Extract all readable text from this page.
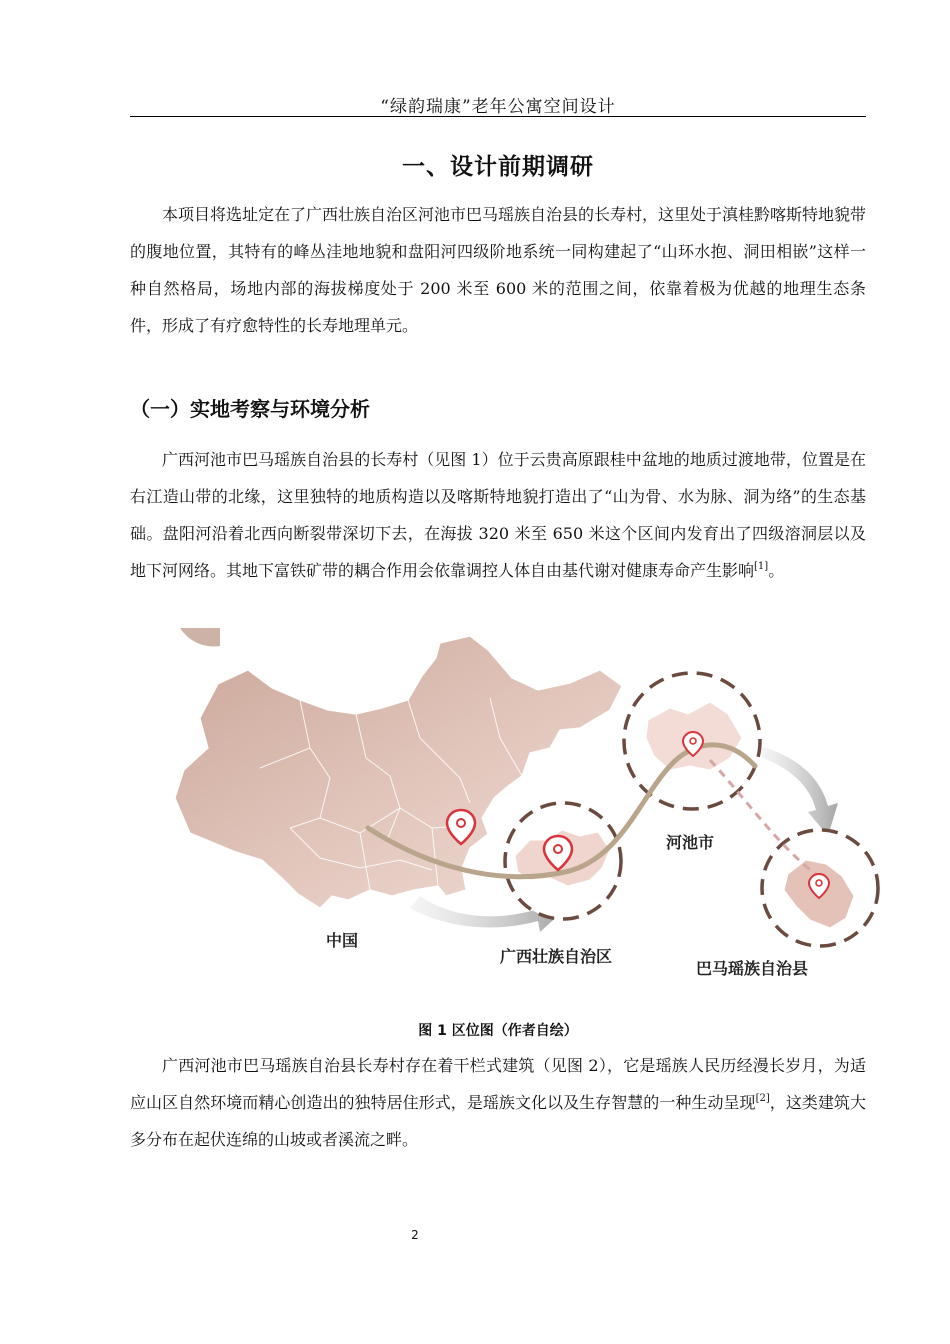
“绿韵瑞康”老年公寓空间设计
一、设计前期调研

本项目将选址定在了广西壮族自治区河池市巴马瑶族自治县的长寿村，这里处于滇桂黔喀斯特地貌带的腹地位置，其特有的峰丛洼地地貌和盘阳河四级阶地系统一同构建起了“山环水抱、洞田相嵌”这样一种自然格局，场地内部的海拔梯度处于 200 米至 600 米的范围之间，依靠着极为优越的地理生态条件，形成了有疗愈特性的长寿地理单元。

（一）实地考察与环境分析

广西河池市巴马瑶族自治县的长寿村（见图 1）位于云贵高原跟桂中盆地的地质过渡地带，位置是在右江造山带的北缘，这里独特的地质构造以及喀斯特地貌打造出了“山为骨、水为脉、洞为络”的生态基础。盘阳河沿着北西向断裂带深切下去，在海拔 320 米至 650 米这个区间内发育出了四级溶洞层以及地下河网络。其地下富铁矿带的耦合作用会依靠调控人体自由基代谢对健康寿命产生影响[1]。

中国
广西壮族自治区
河池市
巴马瑶族自治县
图 1 区位图（作者自绘）

广西河池市巴马瑶族自治县长寿村存在着干栏式建筑（见图 2），它是瑶族人民历经漫长岁月，为适应山区自然环境而精心创造出的独特居住形式，是瑶族文化以及生存智慧的一种生动呈现[2]，这类建筑大多分布在起伏连绵的山坡或者溪流之畔。

2
